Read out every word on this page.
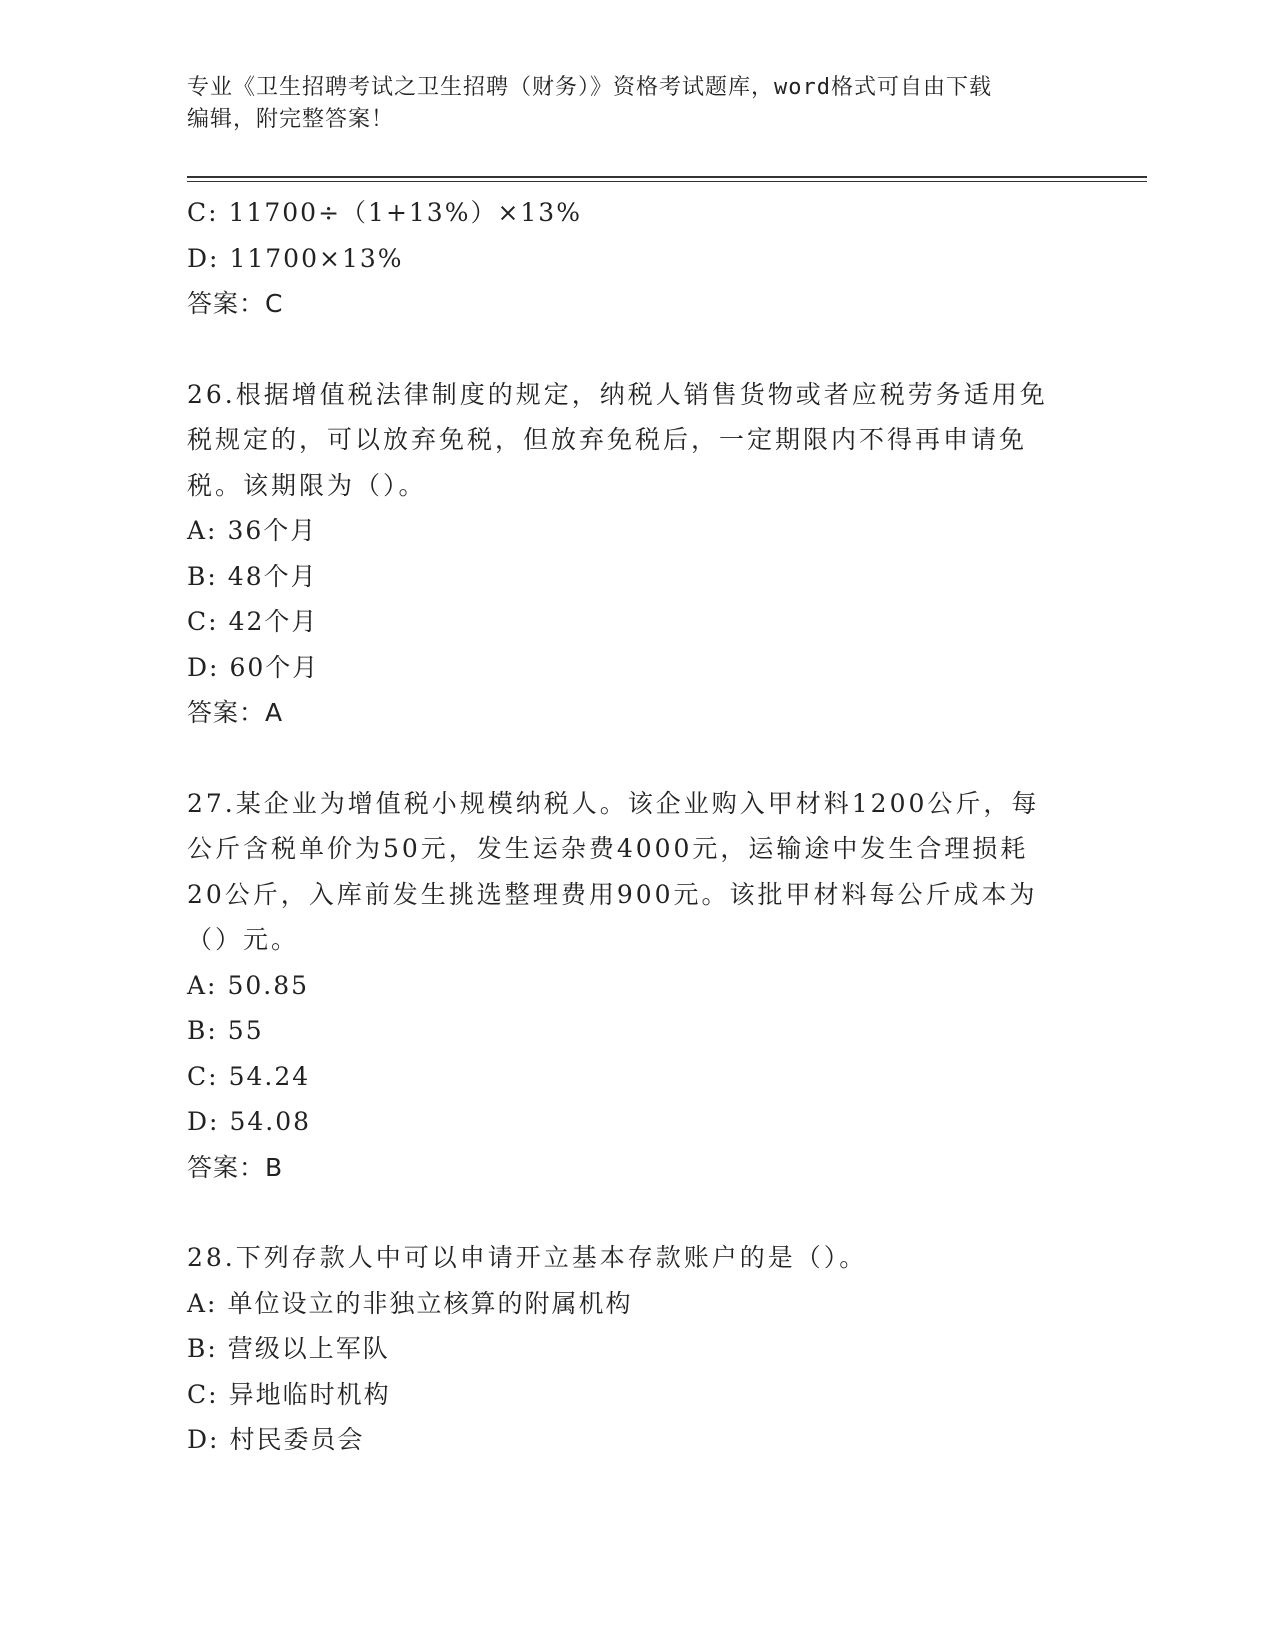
专业《卫生招聘考试之卫生招聘（财务）》资格考试题库，word格式可自由下载
编辑，附完整答案！
C: 11700÷（1+13%）×13%
D: 11700×13%
答案：C
26.根据增值税法律制度的规定，纳税人销售货物或者应税劳务适用免
税规定的，可以放弃免税，但放弃免税后，一定期限内不得再申请免
税。该期限为（）。
A: 36个月
B: 48个月
C: 42个月
D: 60个月
答案：A
27.某企业为增值税小规模纳税人。该企业购入甲材料1200公斤，每
公斤含税单价为50元，发生运杂费4000元，运输途中发生合理损耗
20公斤，入库前发生挑选整理费用900元。该批甲材料每公斤成本为
（）元。
A: 50.85
B: 55
C: 54.24
D: 54.08
答案：B
28.下列存款人中可以申请开立基本存款账户的是（）。
A: 单位设立的非独立核算的附属机构
B: 营级以上军队
C: 异地临时机构
D: 村民委员会
